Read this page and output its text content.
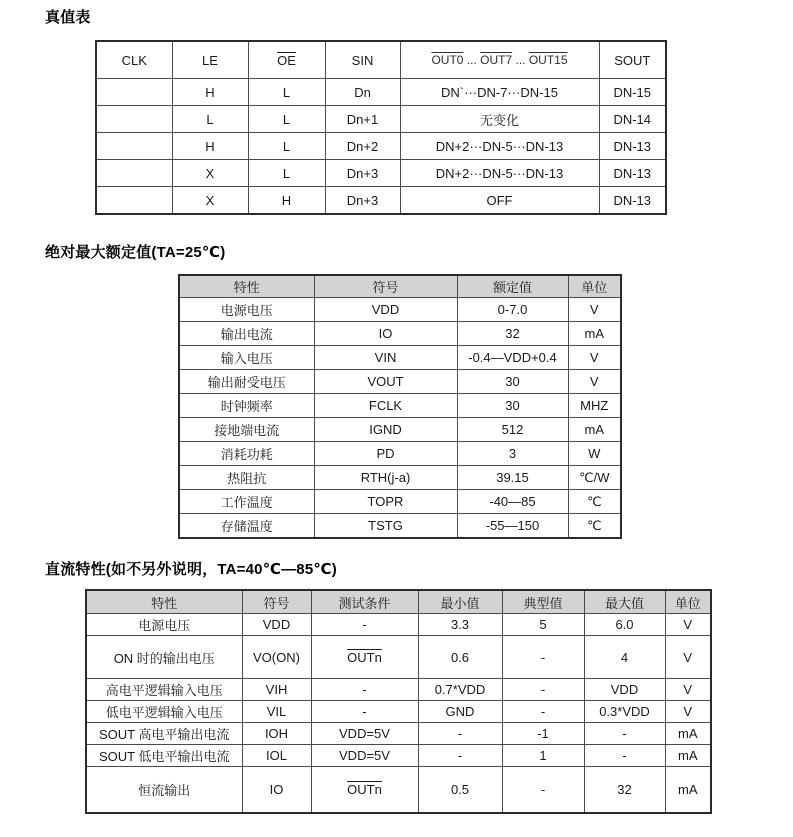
真值表
CLK	LE	$\overline{OE}$	SIN	OUT0 ... OUT7 ... OUT15	SOUT
	H	L	Dn	DN`···DN-7···DN-15	DN-15
	L	L	Dn+1	无变化	DN-14
	H	L	Dn+2	DN+2···DN-5···DN-13	DN-13
	X	L	Dn+3	DN+2···DN-5···DN-13	DN-13
	X	H	Dn+3	OFF	DN-13
绝对最大额定值(TA=25℃)
特性	符号	额定值	单位
电源电压	VDD	0-7.0	V
输出电流	IO	32	mA
输入电压	VIN	-0.4—VDD+0.4	V
输出耐受电压	VOUT	30	V
时钟频率	FCLK	30	MHZ
接地端电流	IGND	512	mA
消耗功耗	PD	3	W
热阻抗	RTH(j-a)	39.15	℃/W
工作温度	TOPR	-40—85	℃
存储温度	TSTG	-55—150	℃
直流特性(如不另外说明，TA=40℃—85℃)
特性	符号	测试条件	最小值	典型值	最大值	单位
电源电压	VDD	-	3.3	5	6.0	V
ON 时的输出电压	VO(ON)	OUTn	0.6	-	4	V
高电平逻辑输入电压	VIH	-	0.7*VDD	-	VDD	V
低电平逻辑输入电压	VIL	-	GND	-	0.3*VDD	V
SOUT 高电平输出电流	IOH	VDD=5V	-	-1	-	mA
SOUT 低电平输出电流	IOL	VDD=5V	-	1	-	mA
恒流输出	IO	OUTn	0.5	-	32	mA
